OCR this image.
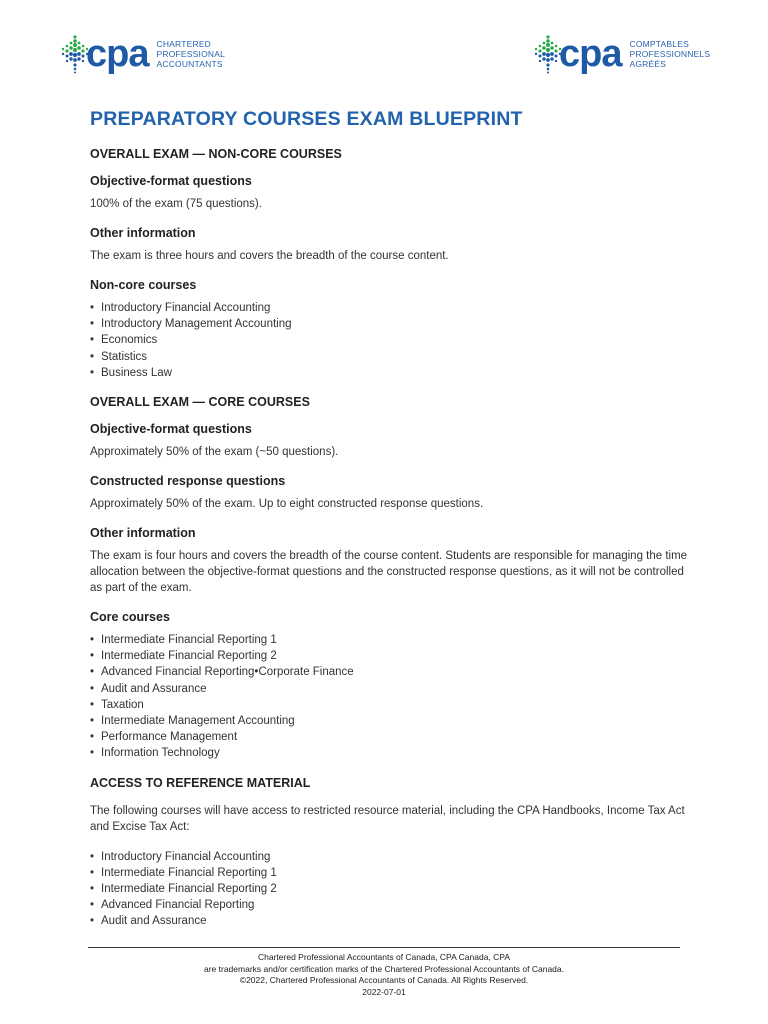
cpa CHARTERED
PROFESSIONAL
ACCOUNTANTS	cpa COMPTABLES
PROFESSIONNELS
AGRÉÉS
PREPARATORY COURSES EXAM BLUEPRINT
OVERALL EXAM — NON-CORE COURSES
Objective-format questions
100% of the exam (75 questions).
Other information
The exam is three hours and covers the breadth of the course content.
Non-core courses
• Introductory Financial Accounting
• Introductory Management Accounting
• Economics
• Statistics
• Business Law
OVERALL EXAM — CORE COURSES
Objective-format questions
Approximately 50% of the exam (~50 questions).
Constructed response questions
Approximately 50% of the exam. Up to eight constructed response questions.
Other information
The exam is four hours and covers the breadth of the course content. Students are responsible for managing the time allocation between the objective-format questions and the constructed response questions, as it will not be controlled as part of the exam.
Core courses
• Intermediate Financial Reporting 1
• Intermediate Financial Reporting 2
• Advanced Financial Reporting•Corporate Finance
• Audit and Assurance
• Taxation
• Intermediate Management Accounting
• Performance Management
• Information Technology
ACCESS TO REFERENCE MATERIAL
The following courses will have access to restricted resource material, including the CPA Handbooks, Income Tax Act and Excise Tax Act:
• Introductory Financial Accounting
• Intermediate Financial Reporting 1
• Intermediate Financial Reporting 2
• Advanced Financial Reporting
• Audit and Assurance
Chartered Professional Accountants of Canada, CPA Canada, CPA
are trademarks and/or certification marks of the Chartered Professional Accountants of Canada.
©2022, Chartered Professional Accountants of Canada. All Rights Reserved.
2022-07-01
